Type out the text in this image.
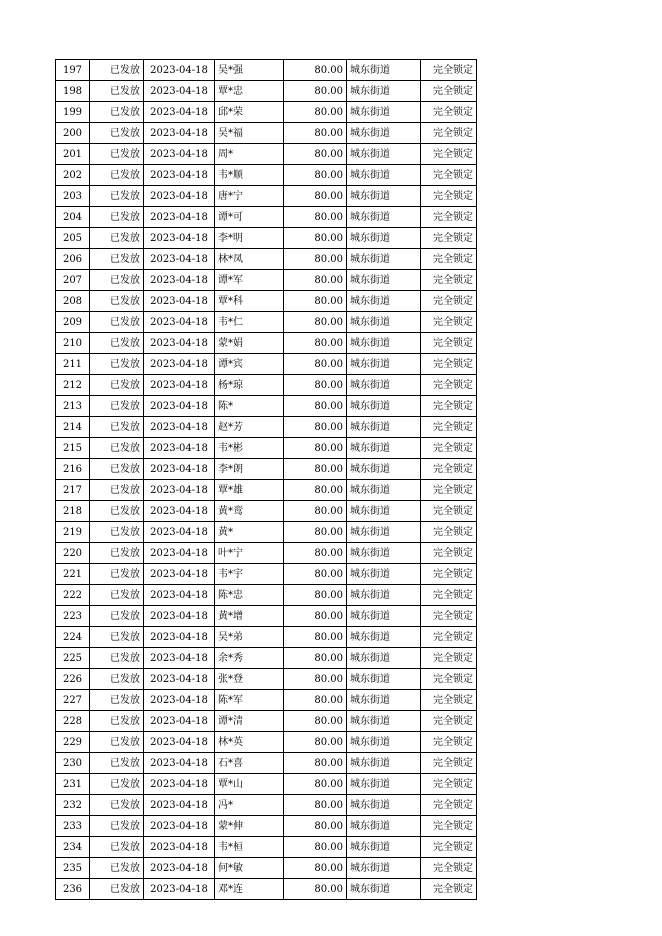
197	已发放	2023-04-18	吴*强	80.00	城东街道	完全锁定
198	已发放	2023-04-18	覃*忠	80.00	城东街道	完全锁定
199	已发放	2023-04-18	邱*荣	80.00	城东街道	完全锁定
200	已发放	2023-04-18	吴*福	80.00	城东街道	完全锁定
201	已发放	2023-04-18	周*	80.00	城东街道	完全锁定
202	已发放	2023-04-18	韦*顺	80.00	城东街道	完全锁定
203	已发放	2023-04-18	唐*宁	80.00	城东街道	完全锁定
204	已发放	2023-04-18	谭*可	80.00	城东街道	完全锁定
205	已发放	2023-04-18	李*明	80.00	城东街道	完全锁定
206	已发放	2023-04-18	林*凤	80.00	城东街道	完全锁定
207	已发放	2023-04-18	谭*军	80.00	城东街道	完全锁定
208	已发放	2023-04-18	覃*科	80.00	城东街道	完全锁定
209	已发放	2023-04-18	韦*仁	80.00	城东街道	完全锁定
210	已发放	2023-04-18	蒙*娟	80.00	城东街道	完全锁定
211	已发放	2023-04-18	谭*宾	80.00	城东街道	完全锁定
212	已发放	2023-04-18	杨*琼	80.00	城东街道	完全锁定
213	已发放	2023-04-18	陈*	80.00	城东街道	完全锁定
214	已发放	2023-04-18	赵*芳	80.00	城东街道	完全锁定
215	已发放	2023-04-18	韦*彬	80.00	城东街道	完全锁定
216	已发放	2023-04-18	李*朗	80.00	城东街道	完全锁定
217	已发放	2023-04-18	覃*雄	80.00	城东街道	完全锁定
218	已发放	2023-04-18	黄*鸾	80.00	城东街道	完全锁定
219	已发放	2023-04-18	黄*	80.00	城东街道	完全锁定
220	已发放	2023-04-18	叶*宁	80.00	城东街道	完全锁定
221	已发放	2023-04-18	韦*宇	80.00	城东街道	完全锁定
222	已发放	2023-04-18	陈*忠	80.00	城东街道	完全锁定
223	已发放	2023-04-18	黄*增	80.00	城东街道	完全锁定
224	已发放	2023-04-18	吴*弟	80.00	城东街道	完全锁定
225	已发放	2023-04-18	余*秀	80.00	城东街道	完全锁定
226	已发放	2023-04-18	张*登	80.00	城东街道	完全锁定
227	已发放	2023-04-18	陈*军	80.00	城东街道	完全锁定
228	已发放	2023-04-18	谭*清	80.00	城东街道	完全锁定
229	已发放	2023-04-18	林*英	80.00	城东街道	完全锁定
230	已发放	2023-04-18	石*喜	80.00	城东街道	完全锁定
231	已发放	2023-04-18	覃*山	80.00	城东街道	完全锁定
232	已发放	2023-04-18	冯*	80.00	城东街道	完全锁定
233	已发放	2023-04-18	蒙*伸	80.00	城东街道	完全锁定
234	已发放	2023-04-18	韦*桓	80.00	城东街道	完全锁定
235	已发放	2023-04-18	何*敏	80.00	城东街道	完全锁定
236	已发放	2023-04-18	邓*连	80.00	城东街道	完全锁定
